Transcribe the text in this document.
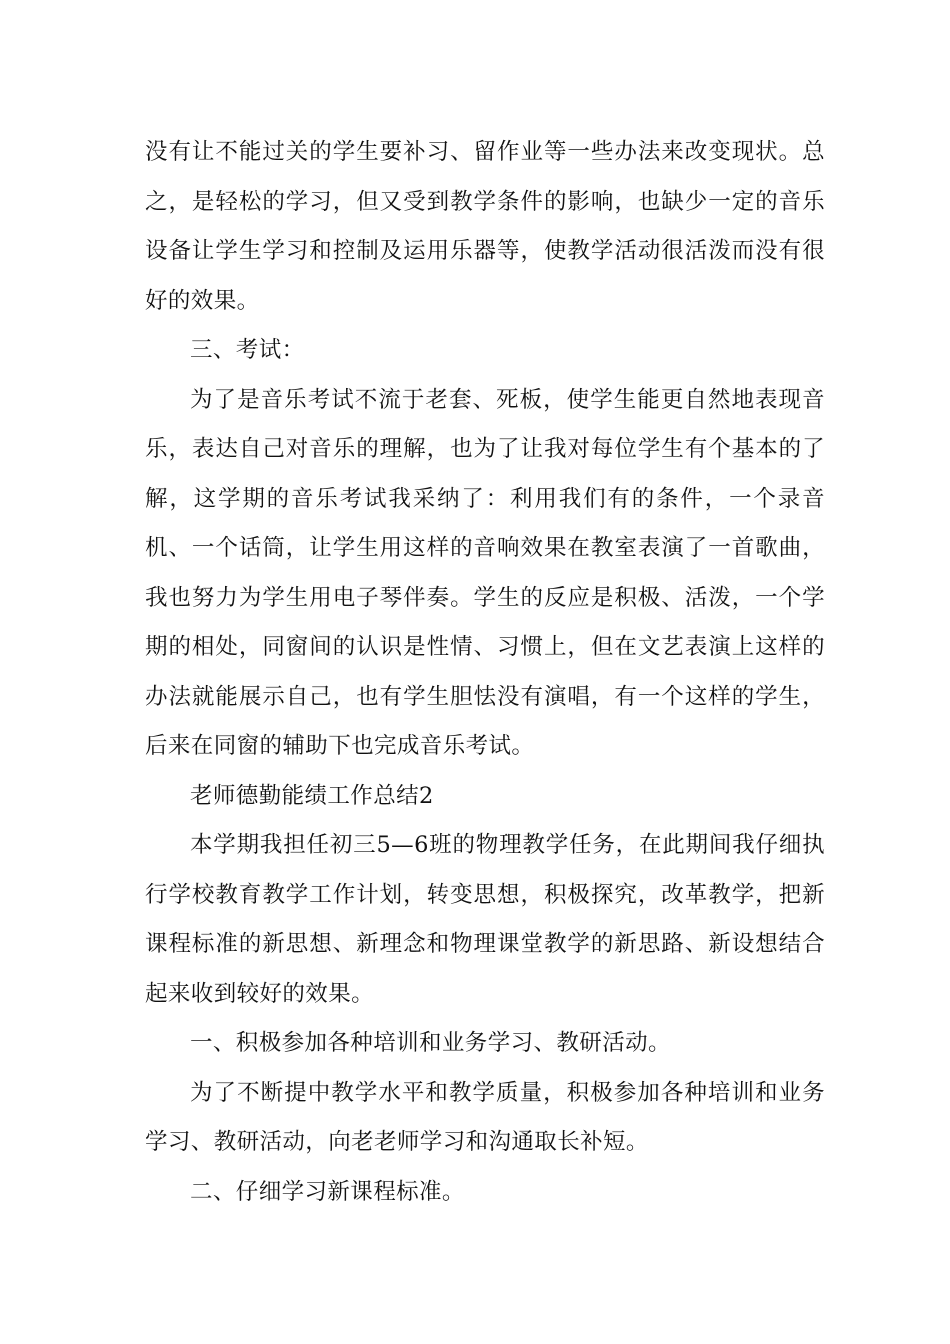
没有让不能过关的学生要补习、留作业等一些办法来改变现状。总之，是轻松的学习，但又受到教学条件的影响，也缺少一定的音乐设备让学生学习和控制及运用乐器等，使教学活动很活泼而没有很好的效果。

三、考试：

为了是音乐考试不流于老套、死板，使学生能更自然地表现音乐，表达自己对音乐的理解，也为了让我对每位学生有个基本的了解，这学期的音乐考试我采纳了：利用我们有的条件，一个录音机、一个话筒，让学生用这样的音响效果在教室表演了一首歌曲，我也努力为学生用电子琴伴奏。学生的反应是积极、活泼，一个学期的相处，同窗间的认识是性情、习惯上，但在文艺表演上这样的办法就能展示自己，也有学生胆怯没有演唱，有一个这样的学生，后来在同窗的辅助下也完成音乐考试。

老师德勤能绩工作总结2

本学期我担任初三5—6班的物理教学任务，在此期间我仔细执行学校教育教学工作计划，转变思想，积极探究，改革教学，把新课程标准的新思想、新理念和物理课堂教学的新思路、新设想结合起来收到较好的效果。

一、积极参加各种培训和业务学习、教研活动。

为了不断提中教学水平和教学质量，积极参加各种培训和业务学习、教研活动，向老老师学习和沟通取长补短。

二、仔细学习新课程标准。
